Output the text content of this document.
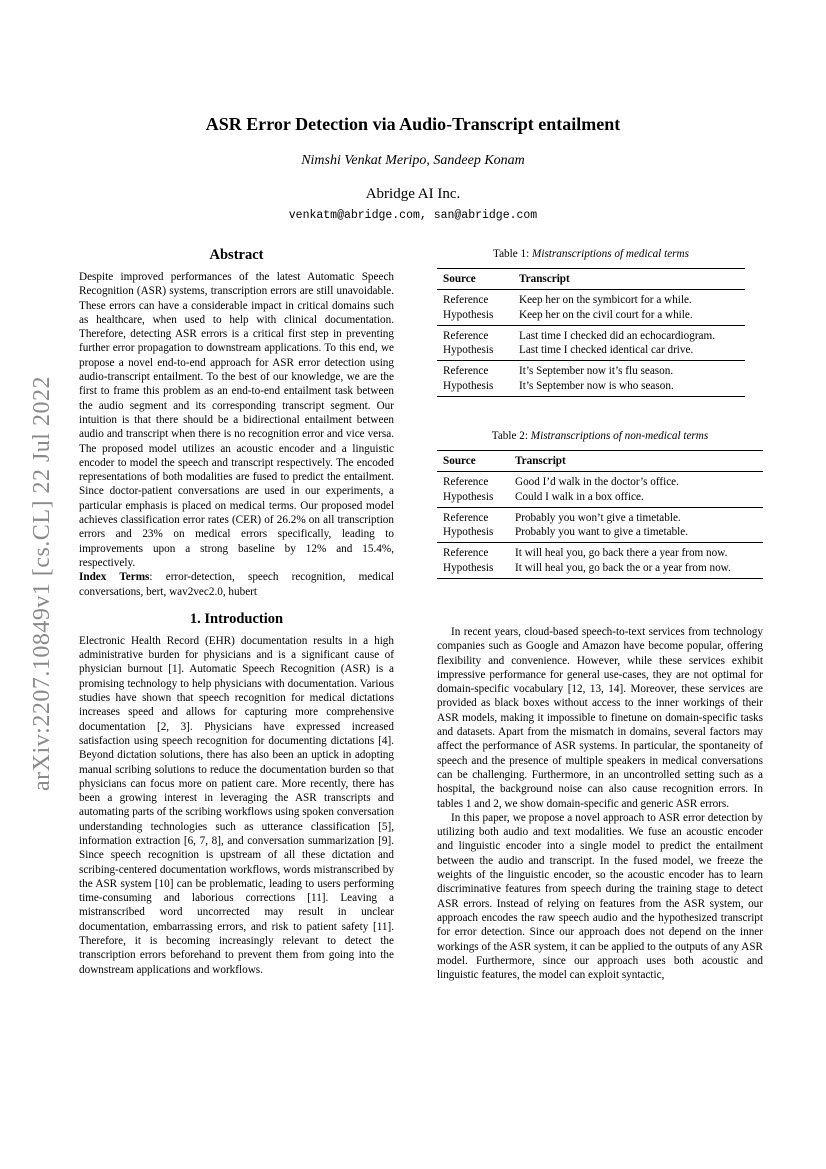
arXiv:2207.10849v1 [cs.CL] 22 Jul 2022
ASR Error Detection via Audio-Transcript entailment
Nimshi Venkat Meripo, Sandeep Konam
Abridge AI Inc.
venkatm@abridge.com, san@abridge.com
Abstract

Despite improved performances of the latest Automatic Speech Recognition (ASR) systems, transcription errors are still unavoidable. These errors can have a considerable impact in critical domains such as healthcare, when used to help with clinical documentation. Therefore, detecting ASR errors is a critical first step in preventing further error propagation to downstream applications. To this end, we propose a novel end-to-end approach for ASR error detection using audio-transcript entailment. To the best of our knowledge, we are the first to frame this problem as an end-to-end entailment task between the audio segment and its corresponding transcript segment. Our intuition is that there should be a bidirectional entailment between audio and transcript when there is no recognition error and vice versa. The proposed model utilizes an acoustic encoder and a linguistic encoder to model the speech and transcript respectively. The encoded representations of both modalities are fused to predict the entailment. Since doctor-patient conversations are used in our experiments, a particular emphasis is placed on medical terms. Our proposed model achieves classification error rates (CER) of 26.2% on all transcription errors and 23% on medical errors specifically, leading to improvements upon a strong baseline by 12% and 15.4%, respectively.

Index Terms: error-detection, speech recognition, medical conversations, bert, wav2vec2.0, hubert

1. Introduction

Electronic Health Record (EHR) documentation results in a high administrative burden for physicians and is a significant cause of physician burnout [1]. Automatic Speech Recognition (ASR) is a promising technology to help physicians with documentation. Various studies have shown that speech recognition for medical dictations increases speed and allows for capturing more comprehensive documentation [2, 3]. Physicians have expressed increased satisfaction using speech recognition for documenting dictations [4]. Beyond dictation solutions, there has also been an uptick in adopting manual scribing solutions to reduce the documentation burden so that physicians can focus more on patient care. More recently, there has been a growing interest in leveraging the ASR transcripts and automating parts of the scribing workflows using spoken conversation understanding technologies such as utterance classification [5], information extraction [6, 7, 8], and conversation summarization [9]. Since speech recognition is upstream of all these dictation and scribing-centered documentation workflows, words mistranscribed by the ASR system [10] can be problematic, leading to users performing time-consuming and laborious corrections [11]. Leaving a mistranscribed word uncorrected may result in unclear documentation, embarrassing errors, and risk to patient safety [11]. Therefore, it is becoming increasingly relevant to detect the transcription errors beforehand to prevent them from going into the downstream applications and workflows.

Table 1: Mistranscriptions of medical terms
Source	Transcript
Reference	Keep her on the symbicort for a while.
Hypothesis	Keep her on the civil court for a while.
Reference	Last time I checked did an echocardiogram.
Hypothesis	Last time I checked identical car drive.
Reference	It’s September now it’s flu season.
Hypothesis	It’s September now is who season.
Table 2: Mistranscriptions of non-medical terms
Source	Transcript
Reference	Good I’d walk in the doctor’s office.
Hypothesis	Could I walk in a box office.
Reference	Probably you won’t give a timetable.
Hypothesis	Probably you want to give a timetable.
Reference	It will heal you, go back there a year from now.
Hypothesis	It will heal you, go back the or a year from now.

In recent years, cloud-based speech-to-text services from technology companies such as Google and Amazon have become popular, offering flexibility and convenience. However, while these services exhibit impressive performance for general use-cases, they are not optimal for domain-specific vocabulary [12, 13, 14]. Moreover, these services are provided as black boxes without access to the inner workings of their ASR models, making it impossible to finetune on domain-specific tasks and datasets. Apart from the mismatch in domains, several factors may affect the performance of ASR systems. In particular, the spontaneity of speech and the presence of multiple speakers in medical conversations can be challenging. Furthermore, in an uncontrolled setting such as a hospital, the background noise can also cause recognition errors. In tables 1 and 2, we show domain-specific and generic ASR errors.

In this paper, we propose a novel approach to ASR error detection by utilizing both audio and text modalities. We fuse an acoustic encoder and linguistic encoder into a single model to predict the entailment between the audio and transcript. In the fused model, we freeze the weights of the linguistic encoder, so the acoustic encoder has to learn discriminative features from speech during the training stage to detect ASR errors. Instead of relying on features from the ASR system, our approach encodes the raw speech audio and the hypothesized transcript for error detection. Since our approach does not depend on the inner workings of the ASR system, it can be applied to the outputs of any ASR model. Furthermore, since our approach uses both acoustic and linguistic features, the model can exploit syntactic,
